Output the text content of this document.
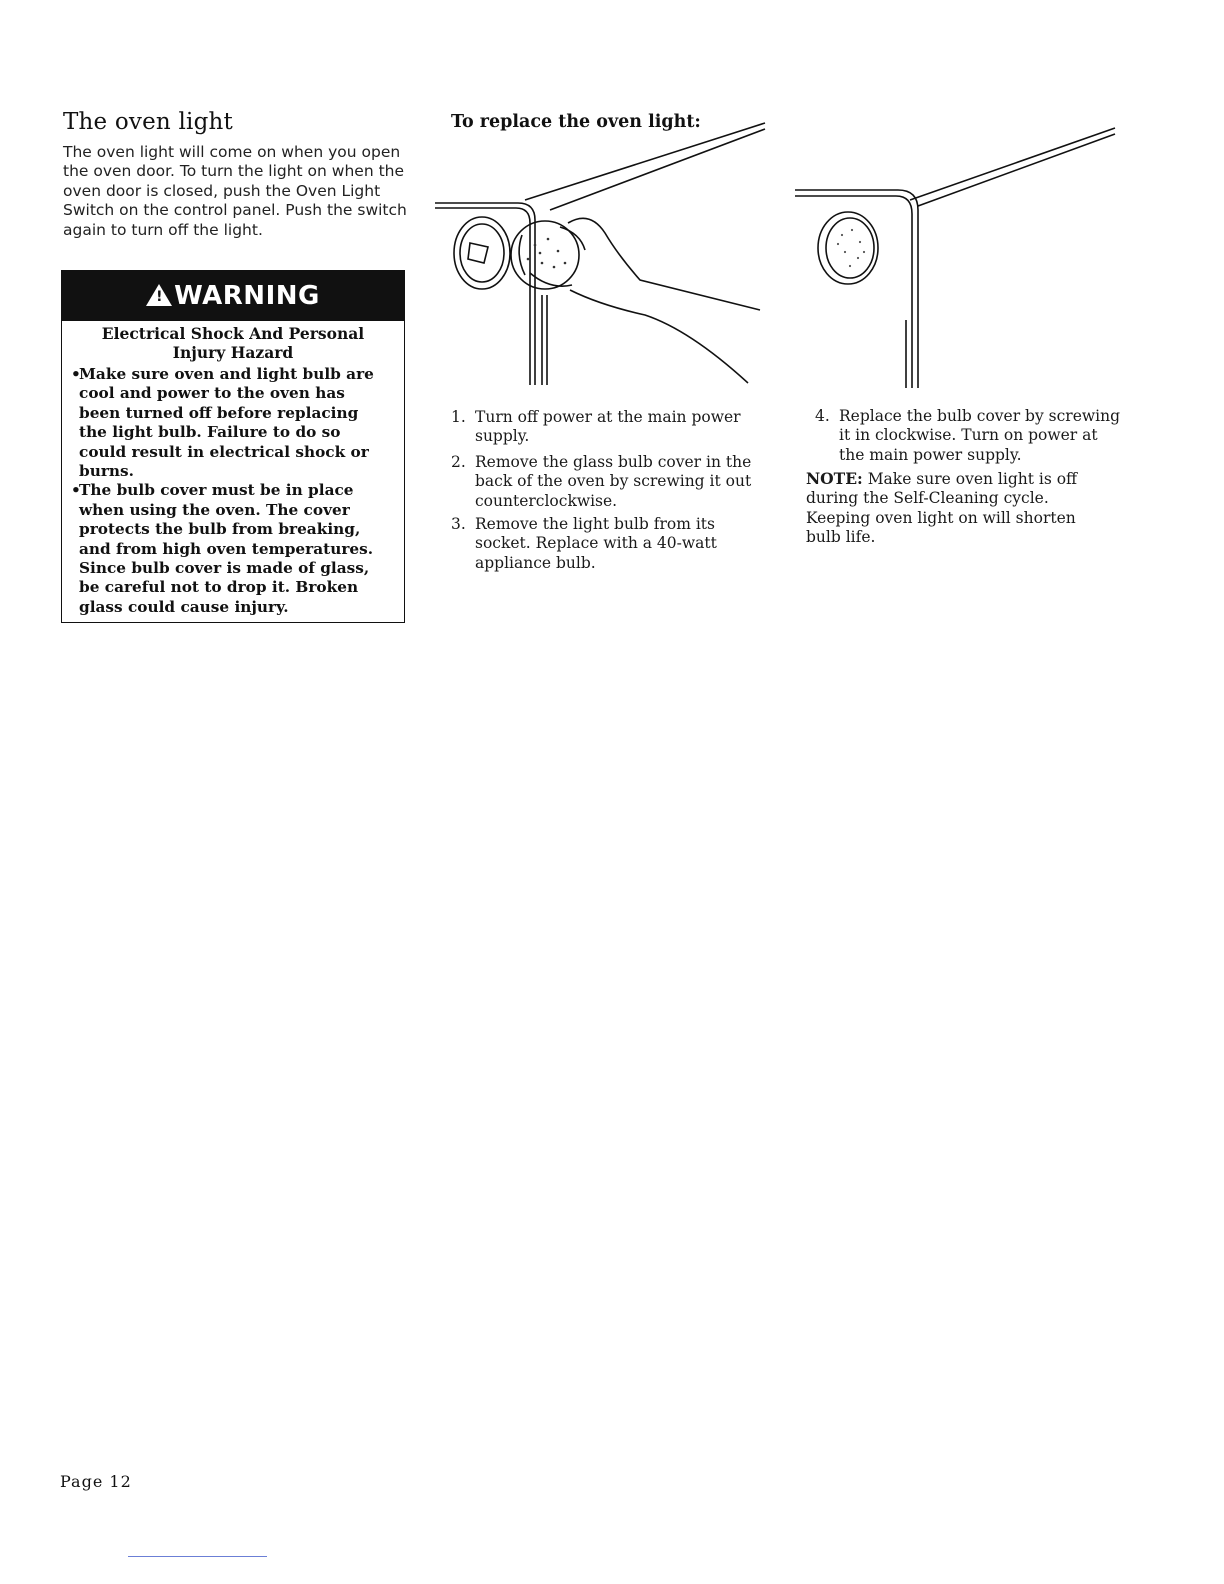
The oven light
The oven light will come on when you open the oven door. To turn the light on when the oven door is closed, push the Oven Light Switch on the control panel. Push the switch again to turn off the light.
! WARNING
Electrical Shock And Personal
Injury Hazard
•
Make sure oven and light bulb are cool and power to the oven has been turned off before replacing the light bulb. Failure to do so could result in electrical shock or burns.
•
The bulb cover must be in place when using the oven. The cover protects the bulb from breaking, and from high oven temperatures. Since bulb cover is made of glass, be careful not to drop it. Broken glass could cause injury.
To replace the oven light:
1. Turn off power at the main power supply.
2. Remove the glass bulb cover in the back of the oven by screwing it out counterclockwise.
3. Remove the light bulb from its socket. Replace with a 40-watt appliance bulb.
4. Replace the bulb cover by screwing it in clockwise. Turn on power at the main power supply.
NOTE: Make sure oven light is off during the Self-Cleaning cycle. Keeping oven light on will shorten bulb life.
Page 12
